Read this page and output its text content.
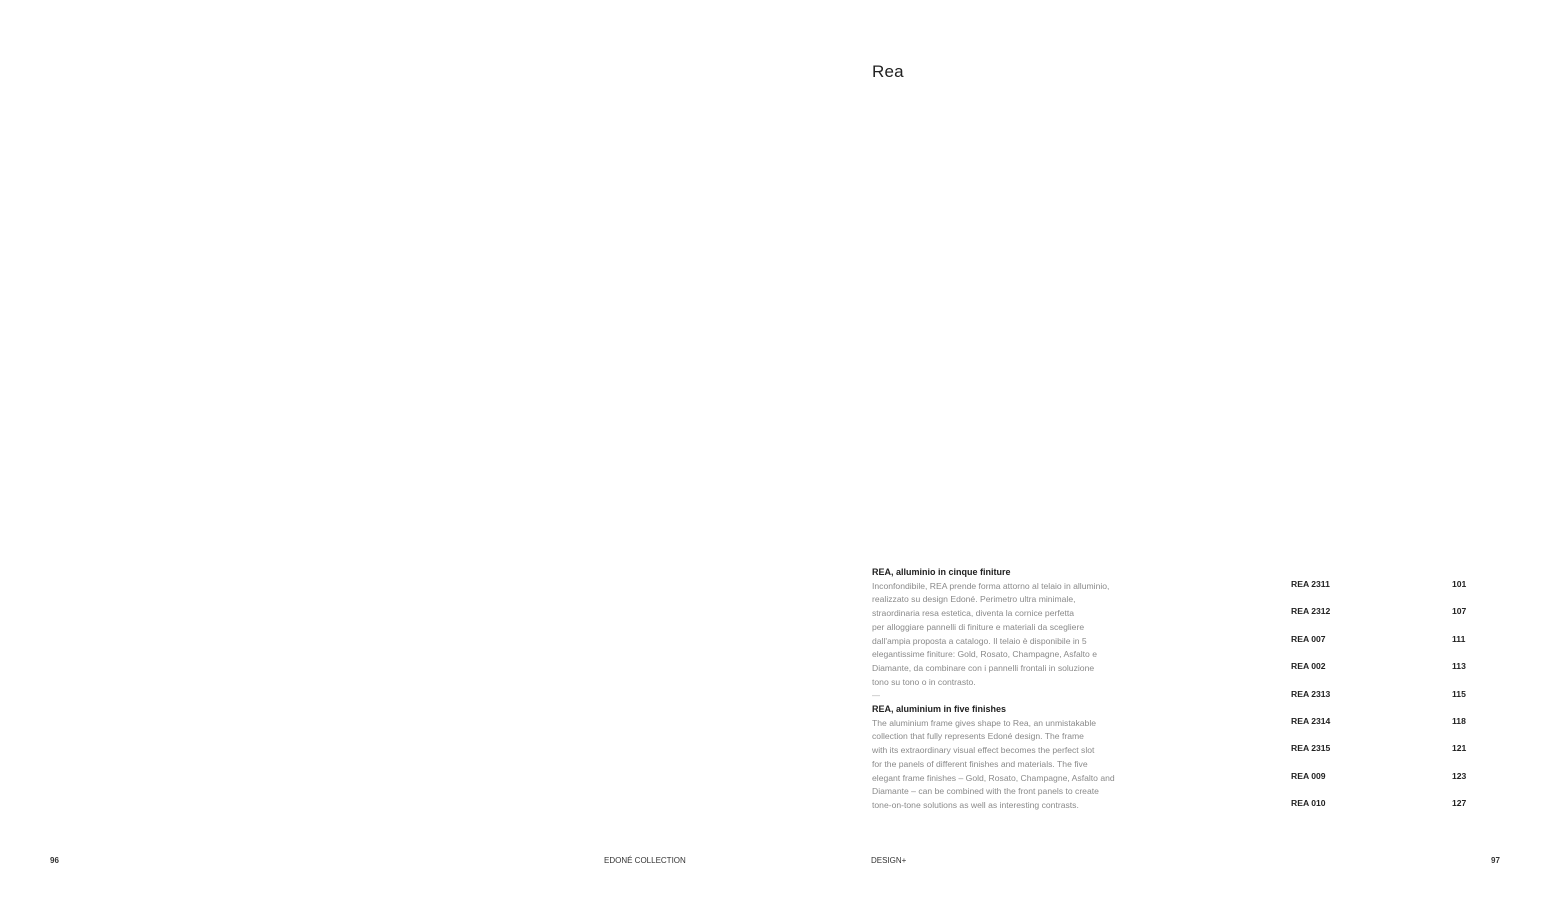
Rea

REA, alluminio in cinque finiture

Inconfondibile, REA prende forma attorno al telaio in alluminio,
realizzato su design Edoné. Perimetro ultra minimale,
straordinaria resa estetica, diventa la cornice perfetta
per alloggiare pannelli di finiture e materiali da scegliere
dall'ampia proposta a catalogo. Il telaio è disponibile in 5
elegantissime finiture: Gold, Rosato, Champagne, Asfalto e
Diamante, da combinare con i pannelli frontali in soluzione
tono su tono o in contrasto.

—

REA, aluminium in five finishes

The aluminium frame gives shape to Rea, an unmistakable
collection that fully represents Edoné design. The frame
with its extraordinary visual effect becomes the perfect slot
for the panels of different finishes and materials. The five
elegant frame finishes – Gold, Rosato, Champagne, Asfalto and
Diamante – can be combined with the front panels to create
tone-on-tone solutions as well as interesting contrasts.

REA 2311	101
REA 2312	107
REA 007	111
REA 002	113
REA 2313	115
REA 2314	118
REA 2315	121
REA 009	123
REA 010	127
96	EDONÉ COLLECTION	DESIGN+	97
